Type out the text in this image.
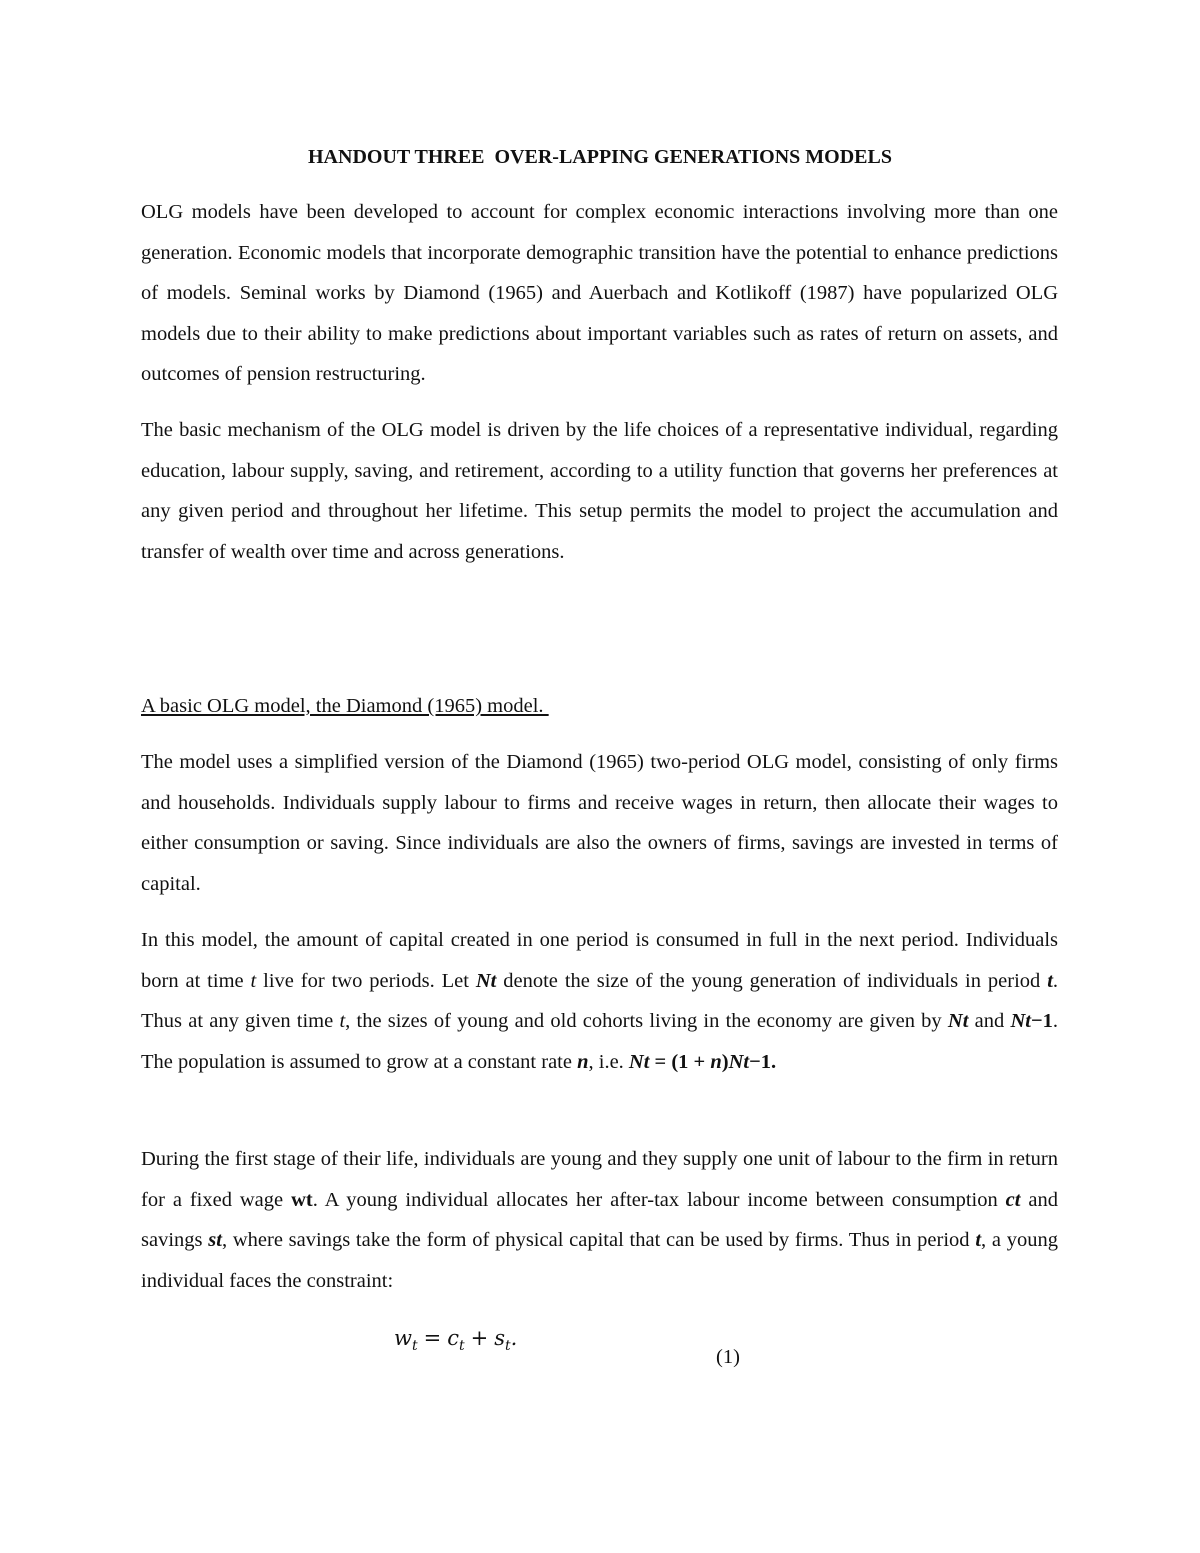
HANDOUT THREE  OVER-LAPPING GENERATIONS MODELS

OLG models have been developed to account for complex economic interactions involving more than one generation. Economic models that incorporate demographic transition have the potential to enhance predictions of models. Seminal works by Diamond (1965) and Auerbach and Kotlikoff (1987) have popularized OLG models due to their ability to make predictions about important variables such as rates of return on assets, and outcomes of pension restructuring.

The basic mechanism of the OLG model is driven by the life choices of a representative individual, regarding education, labour supply, saving, and retirement, according to a utility function that governs her preferences at any given period and throughout her lifetime. This setup permits the model to project the accumulation and transfer of wealth over time and across generations.

A basic OLG model, the Diamond (1965) model.

The model uses a simplified version of the Diamond (1965) two-period OLG model, consisting of only firms and households. Individuals supply labour to firms and receive wages in return, then allocate their wages to either consumption or saving. Since individuals are also the owners of firms, savings are invested in terms of capital.

In this model, the amount of capital created in one period is consumed in full in the next period. Individuals born at time t live for two periods. Let Nt denote the size of the young generation of individuals in period t. Thus at any given time t, the sizes of young and old cohorts living in the economy are given by Nt and Nt−1. The population is assumed to grow at a constant rate n, i.e. Nt = (1 + n)Nt−1.

During the first stage of their life, individuals are young and they supply one unit of labour to the firm in return for a fixed wage wt. A young individual allocates her after-tax labour income between consumption ct and savings st, where savings take the form of physical capital that can be used by firms. Thus in period t, a young individual faces the constraint:

$w_t = c_t + s_t$.
(1)
